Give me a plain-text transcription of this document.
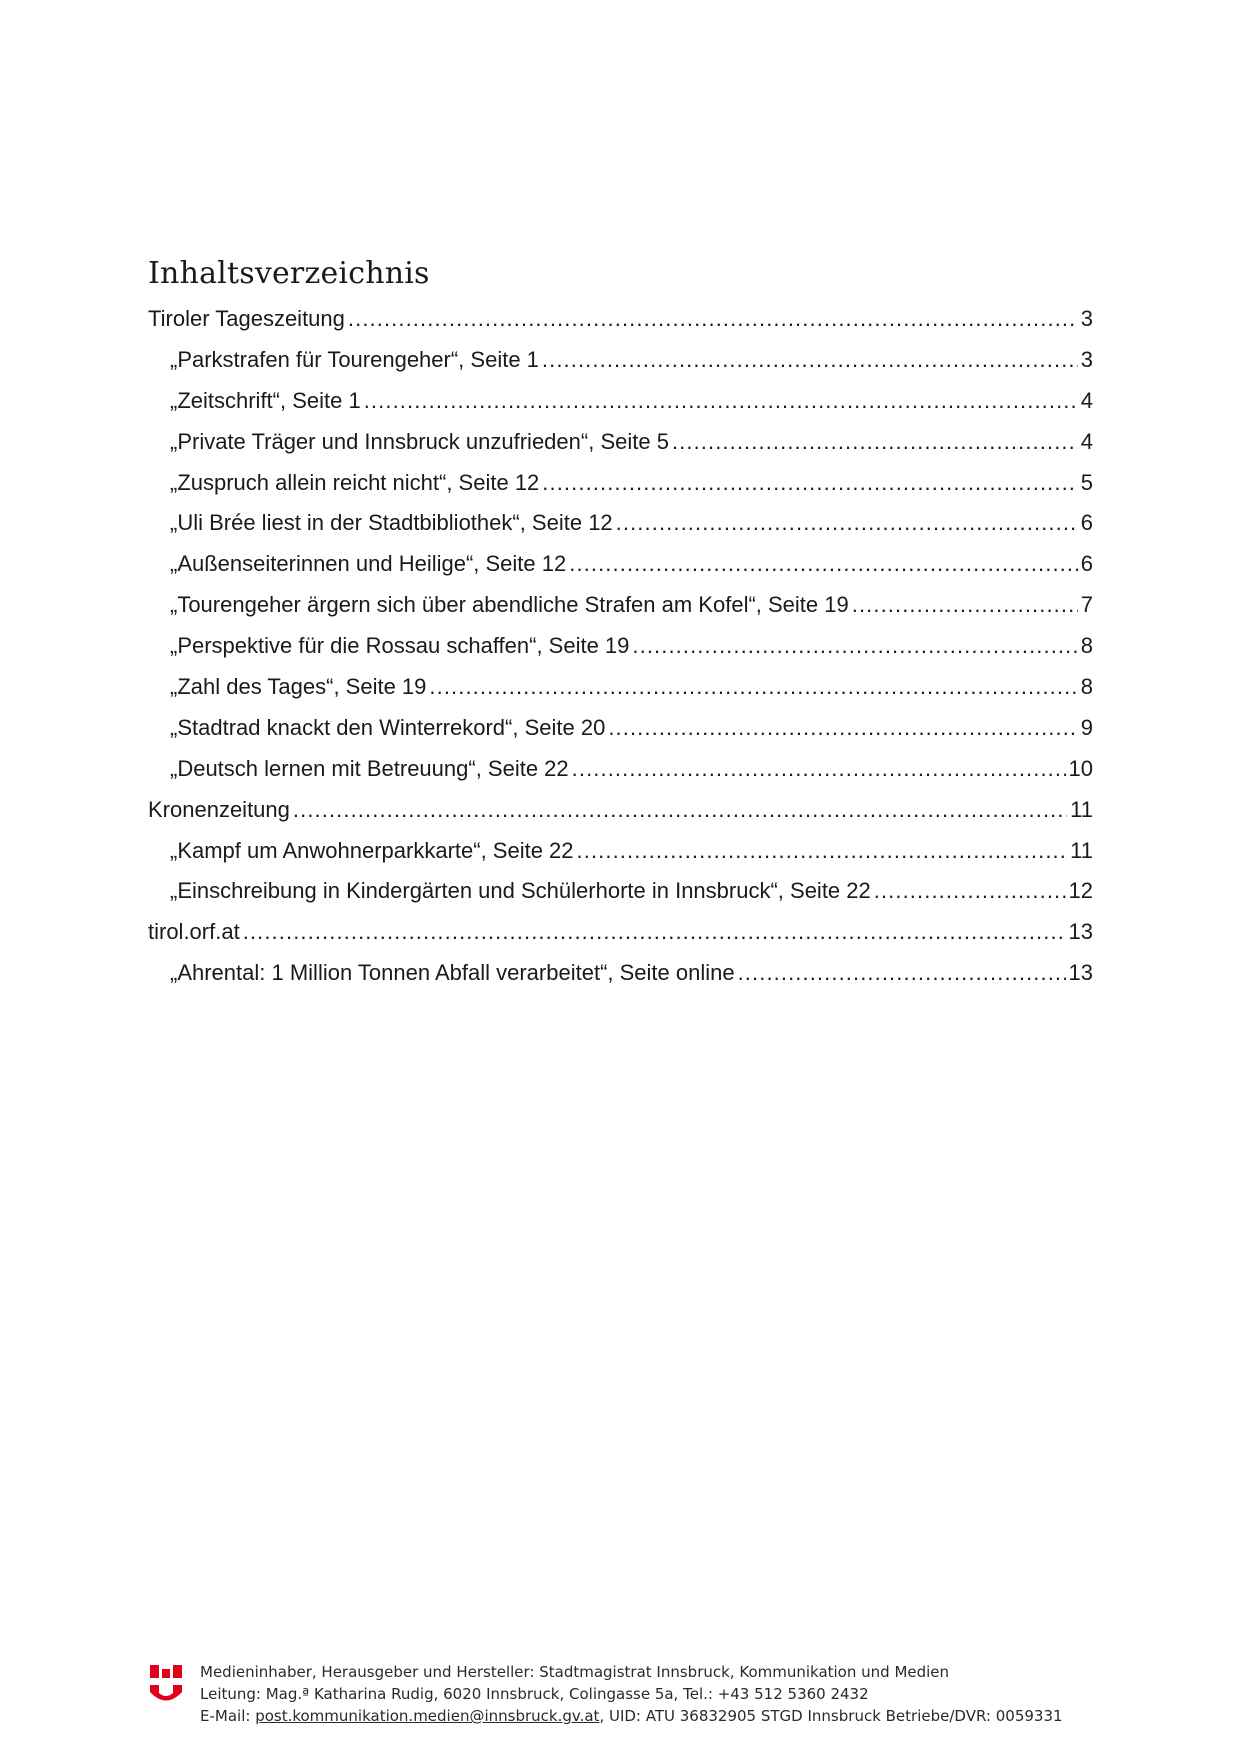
Inhaltsverzeichnis
Tiroler Tageszeitung .....	3
„Parkstrafen für Tourengeher“, Seite 1 .....	3
„Zeitschrift“, Seite 1 .....	4
„Private Träger und Innsbruck unzufrieden“, Seite 5 .....	4
„Zuspruch allein reicht nicht“, Seite 12 .....	5
„Uli Brée liest in der Stadtbibliothek“, Seite 12 .....	6
„Außenseiterinnen und Heilige“, Seite 12 .....	6
„Tourengeher ärgern sich über abendliche Strafen am Kofel“, Seite 19 .....	7
„Perspektive für die Rossau schaffen“, Seite 19 .....	8
„Zahl des Tages“, Seite 19 .....	8
„Stadtrad knackt den Winterrekord“, Seite 20 .....	9
„Deutsch lernen mit Betreuung“, Seite 22 .....	10
Kronenzeitung .....	11
„Kampf um Anwohnerparkkarte“, Seite 22 .....	11
„Einschreibung in Kindergärten und Schülerhorte in Innsbruck“, Seite 22 .....	12
tirol.orf.at .....	13
„Ahrental: 1 Million Tonnen Abfall verarbeitet“, Seite online .....	13
Medieninhaber, Herausgeber und Hersteller: Stadtmagistrat Innsbruck, Kommunikation und Medien
Leitung: Mag.ª Katharina Rudig, 6020 Innsbruck, Colingasse 5a, Tel.: +43 512 5360 2432
E-Mail: post.kommunikation.medien@innsbruck.gv.at, UID: ATU 36832905 STGD Innsbruck Betriebe/DVR: 0059331
